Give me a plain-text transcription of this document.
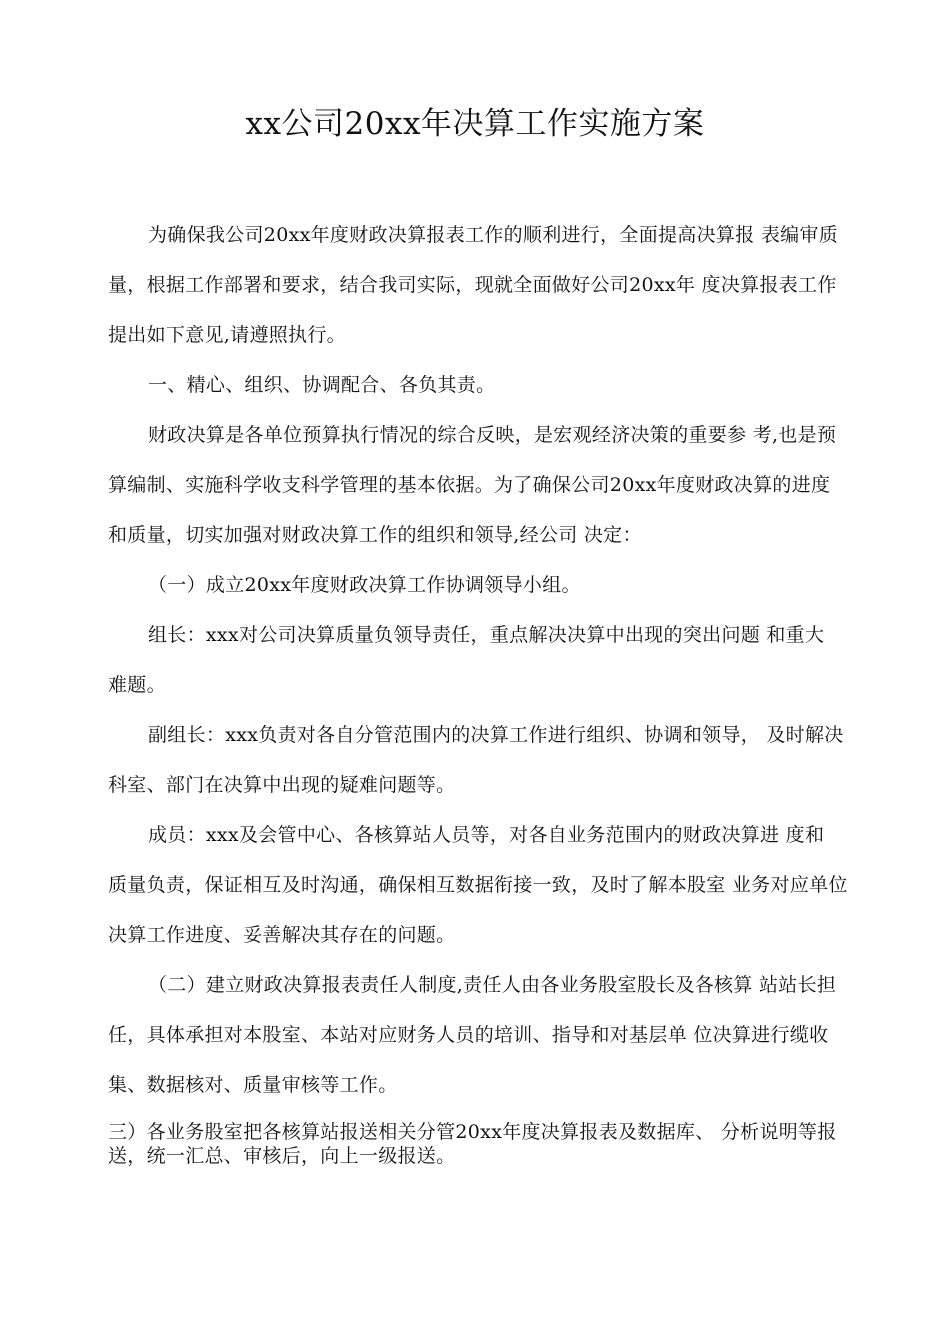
xx公司20xx年决算工作实施方案

为确保我公司20xx年度财政决算报表工作的顺利进行，全面提高决算报 表编审质
量，根据工作部署和要求，结合我司实际，现就全面做好公司20xx年 度决算报表工作
提出如下意见,请遵照执行。

一、精心、组织、协调配合、各负其责。

财政决算是各单位预算执行情况的综合反映，是宏观经济决策的重要参 考,也是预
算编制、实施科学收支科学管理的基本依据。为了确保公司20xx年度财政决算的进度
和质量，切实加强对财政决算工作的组织和领导,经公司 决定：

（一）成立20xx年度财政决算工作协调领导小组。

组长：xxx对公司决算质量负领导责任，重点解决决算中出现的突出问题 和重大
难题。

副组长：xxx负责对各自分管范围内的决算工作进行组织、协调和领导， 及时解决
科室、部门在决算中出现的疑难问题等。

成员：xxx及会管中心、各核算站人员等，对各自业务范围内的财政决算进 度和
质量负责，保证相互及时沟通，确保相互数据衔接一致，及时了解本股室 业务对应单位
决算工作进度、妥善解决其存在的问题。

（二）建立财政决算报表责任人制度,责任人由各业务股室股长及各核算 站站长担
任，具体承担对本股室、本站对应财务人员的培训、指导和对基层单 位决算进行缆收
集、数据核对、质量审核等工作。

三）各业务股室把各核算站报送相关分管20xx年度决算报表及数据库、 分析说明等报
送，统一汇总、审核后，向上一级报送。
